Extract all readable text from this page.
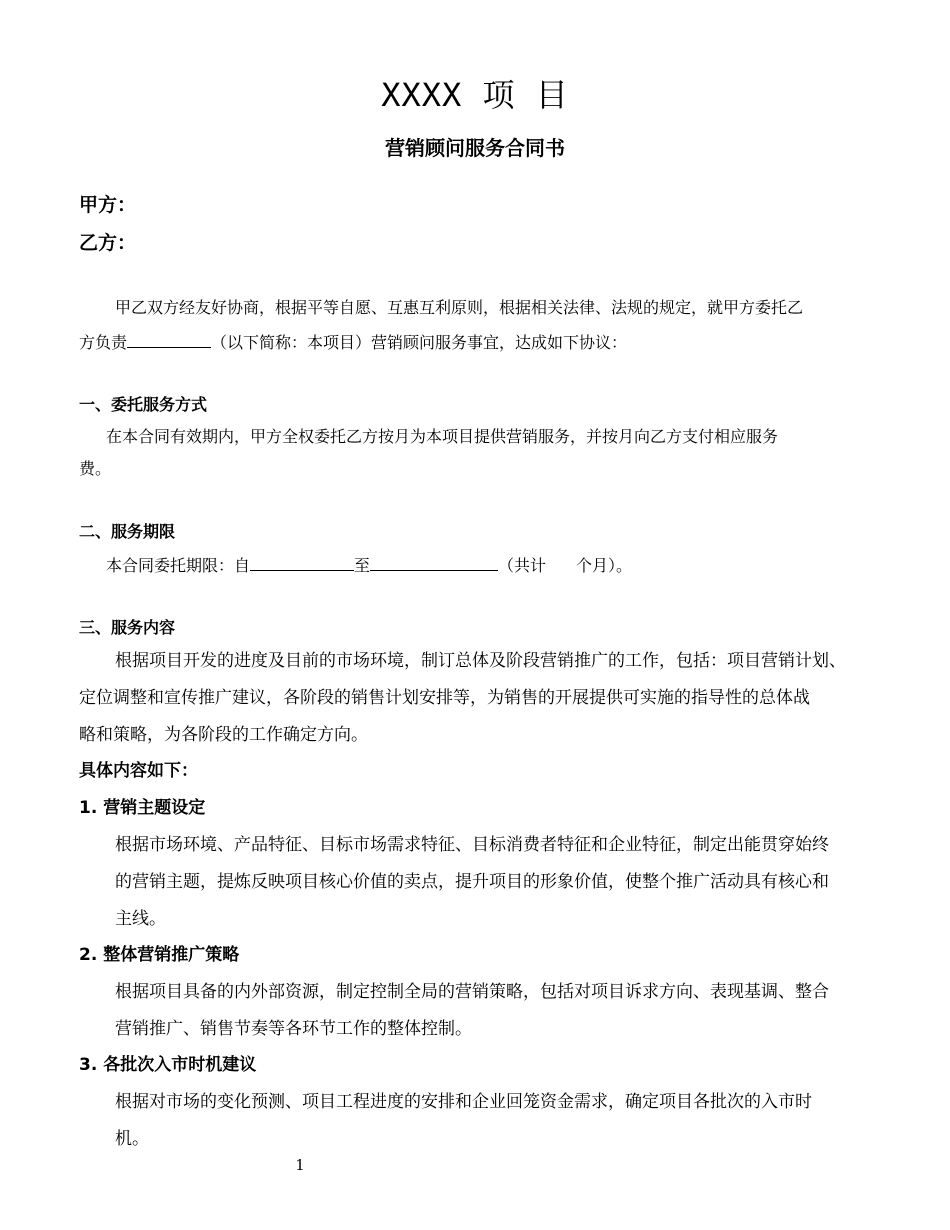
XXXX 项 目
营销顾问服务合同书
甲方：
乙方：
甲乙双方经友好协商，根据平等自愿、互惠互利原则，根据相关法律、法规的规定，就甲方委托乙
方负责	（以下简称：本项目）营销顾问服务事宜，达成如下协议：
一、委托服务方式
在本合同有效期内，甲方全权委托乙方按月为本项目提供营销服务，并按月向乙方支付相应服务
费。
二、服务期限
本合同委托期限：自	至	（共计 个月）。
三、服务内容
根据项目开发的进度及目前的市场环境，制订总体及阶段营销推广的工作，包括：项目营销计划、
定位调整和宣传推广建议，各阶段的销售计划安排等，为销售的开展提供可实施的指导性的总体战
略和策略，为各阶段的工作确定方向。
具体内容如下：
1. 营销主题设定
根据市场环境、产品特征、目标市场需求特征、目标消费者特征和企业特征，制定出能贯穿始终
的营销主题，提炼反映项目核心价值的卖点，提升项目的形象价值，使整个推广活动具有核心和
主线。
2. 整体营销推广策略
根据项目具备的内外部资源，制定控制全局的营销策略，包括对项目诉求方向、表现基调、整合
营销推广、销售节奏等各环节工作的整体控制。
3. 各批次入市时机建议
根据对市场的变化预测、项目工程进度的安排和企业回笼资金需求，确定项目各批次的入市时
机。
1
